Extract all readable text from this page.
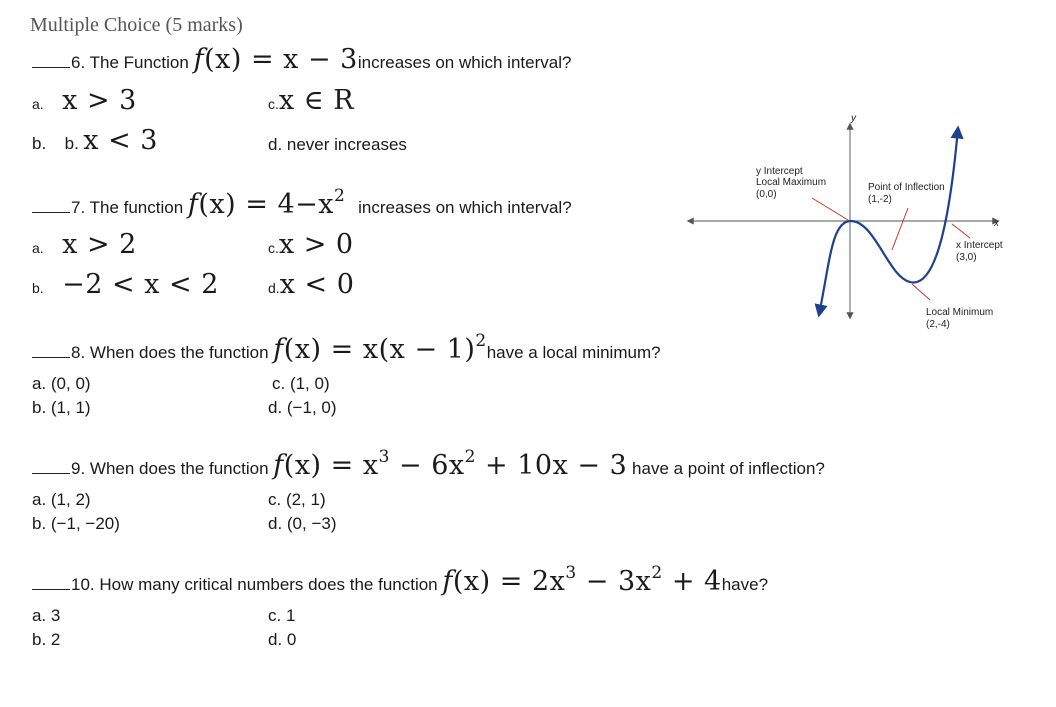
Multiple Choice (5 marks)
6. The Function f(x) = x − 3increases on which interval?
a. x > 3	c.x ∈ R
b. b. x < 3	d. never increases
7. The function $f(x) = 4-x^2$ increases on which interval?
a. x > 2	c.x > 0
b. −2 < x < 2	d.x < 0
8. When does the function $f(x) = x(x - 1)^2have$ a local minimum?
a. (0, 0)	c. (1, 0)
b. (1, 1)	d. (−1, 0)
9. When does the function $f(x) = x^3 - 6x^2 + 10x - 3$ have a point of inflection?
a. (1, 2)	c. (2, 1)
b. (−1, −20)	d. (0, −3)
10. How many critical numbers does the function $f(x) = 2x^3 - 3x^2$ + 4have?
a. 3	c. 1
b. 2	d. 0
y
x
y Intercept
Local Maximum
(0,0)
Point of Inflection
(1,-2)
x Intercept
(3,0)
Local Minimum
(2,-4)
